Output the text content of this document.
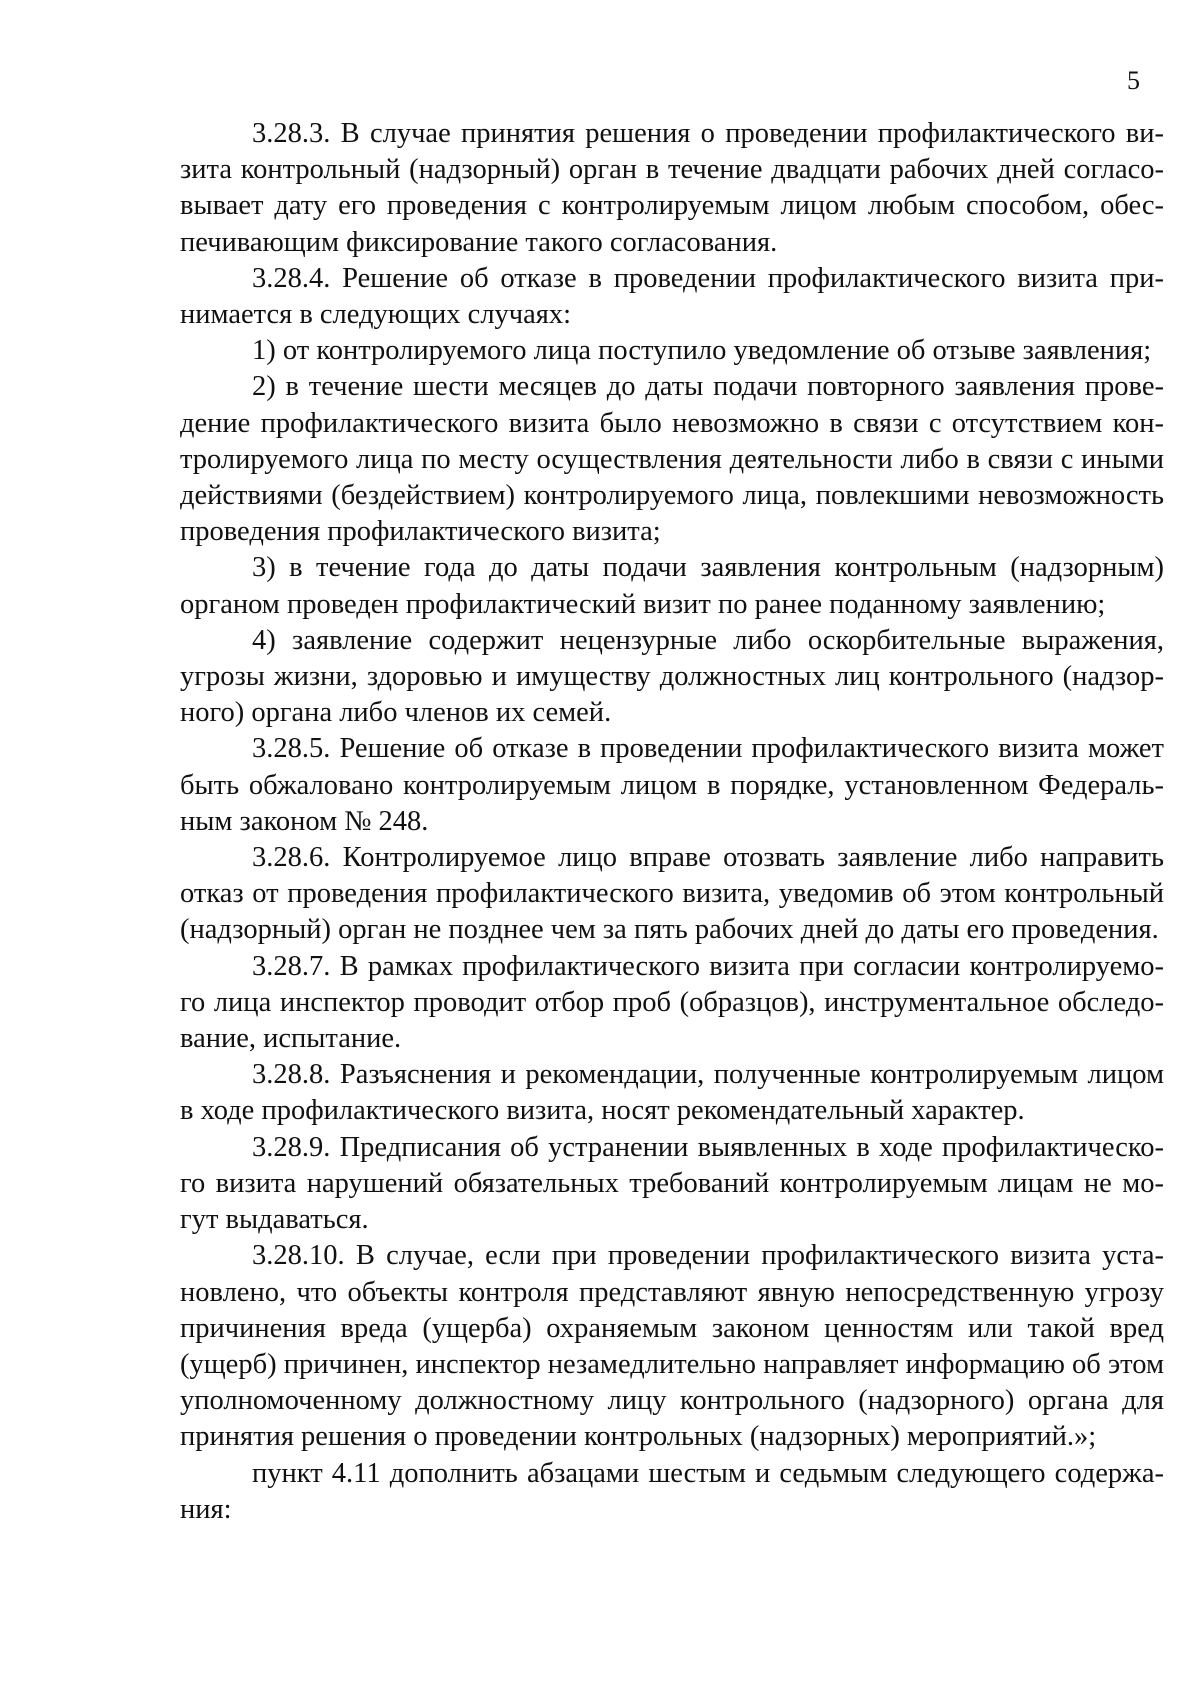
5

3.28.3. В случае принятия решения о проведении профилактического визита контрольный (надзорный) орган в течение двадцати рабочих дней согласовывает дату его проведения с контролируемым лицом любым способом, обеспечивающим фиксирование такого согласования.

3.28.4. Решение об отказе в проведении профилактического визита принимается в следующих случаях:

1) от контролируемого лица поступило уведомление об отзыве заявления;

2) в течение шести месяцев до даты подачи повторного заявления проведение профилактического визита было невозможно в связи с отсутствием контролируемого лица по месту осуществления деятельности либо в связи с иными действиями (бездействием) контролируемого лица, повлекшими невозможность проведения профилактического визита;

3) в течение года до даты подачи заявления контрольным (надзорным) органом проведен профилактический визит по ранее поданному заявлению;

4) заявление содержит нецензурные либо оскорбительные выражения, угрозы жизни, здоровью и имуществу должностных лиц контрольного (надзорного) органа либо членов их семей.

3.28.5. Решение об отказе в проведении профилактического визита может быть обжаловано контролируемым лицом в порядке, установленном Федеральным законом № 248.

3.28.6. Контролируемое лицо вправе отозвать заявление либо направить отказ от проведения профилактического визита, уведомив об этом контрольный (надзорный) орган не позднее чем за пять рабочих дней до даты его проведения.

3.28.7. В рамках профилактического визита при согласии контролируемого лица инспектор проводит отбор проб (образцов), инструментальное обследование, испытание.

3.28.8. Разъяснения и рекомендации, полученные контролируемым лицом в ходе профилактического визита, носят рекомендательный характер.

3.28.9. Предписания об устранении выявленных в ходе профилактического визита нарушений обязательных требований контролируемым лицам не могут выдаваться.

3.28.10. В случае, если при проведении профилактического визита установлено, что объекты контроля представляют явную непосредственную угрозу причинения вреда (ущерба) охраняемым законом ценностям или такой вред (ущерб) причинен, инспектор незамедлительно направляет информацию об этом уполномоченному должностному лицу контрольного (надзорного) органа для принятия решения о проведении контрольных (надзорных) мероприятий.»;

пункт 4.11 дополнить абзацами шестым и седьмым следующего содержания:
